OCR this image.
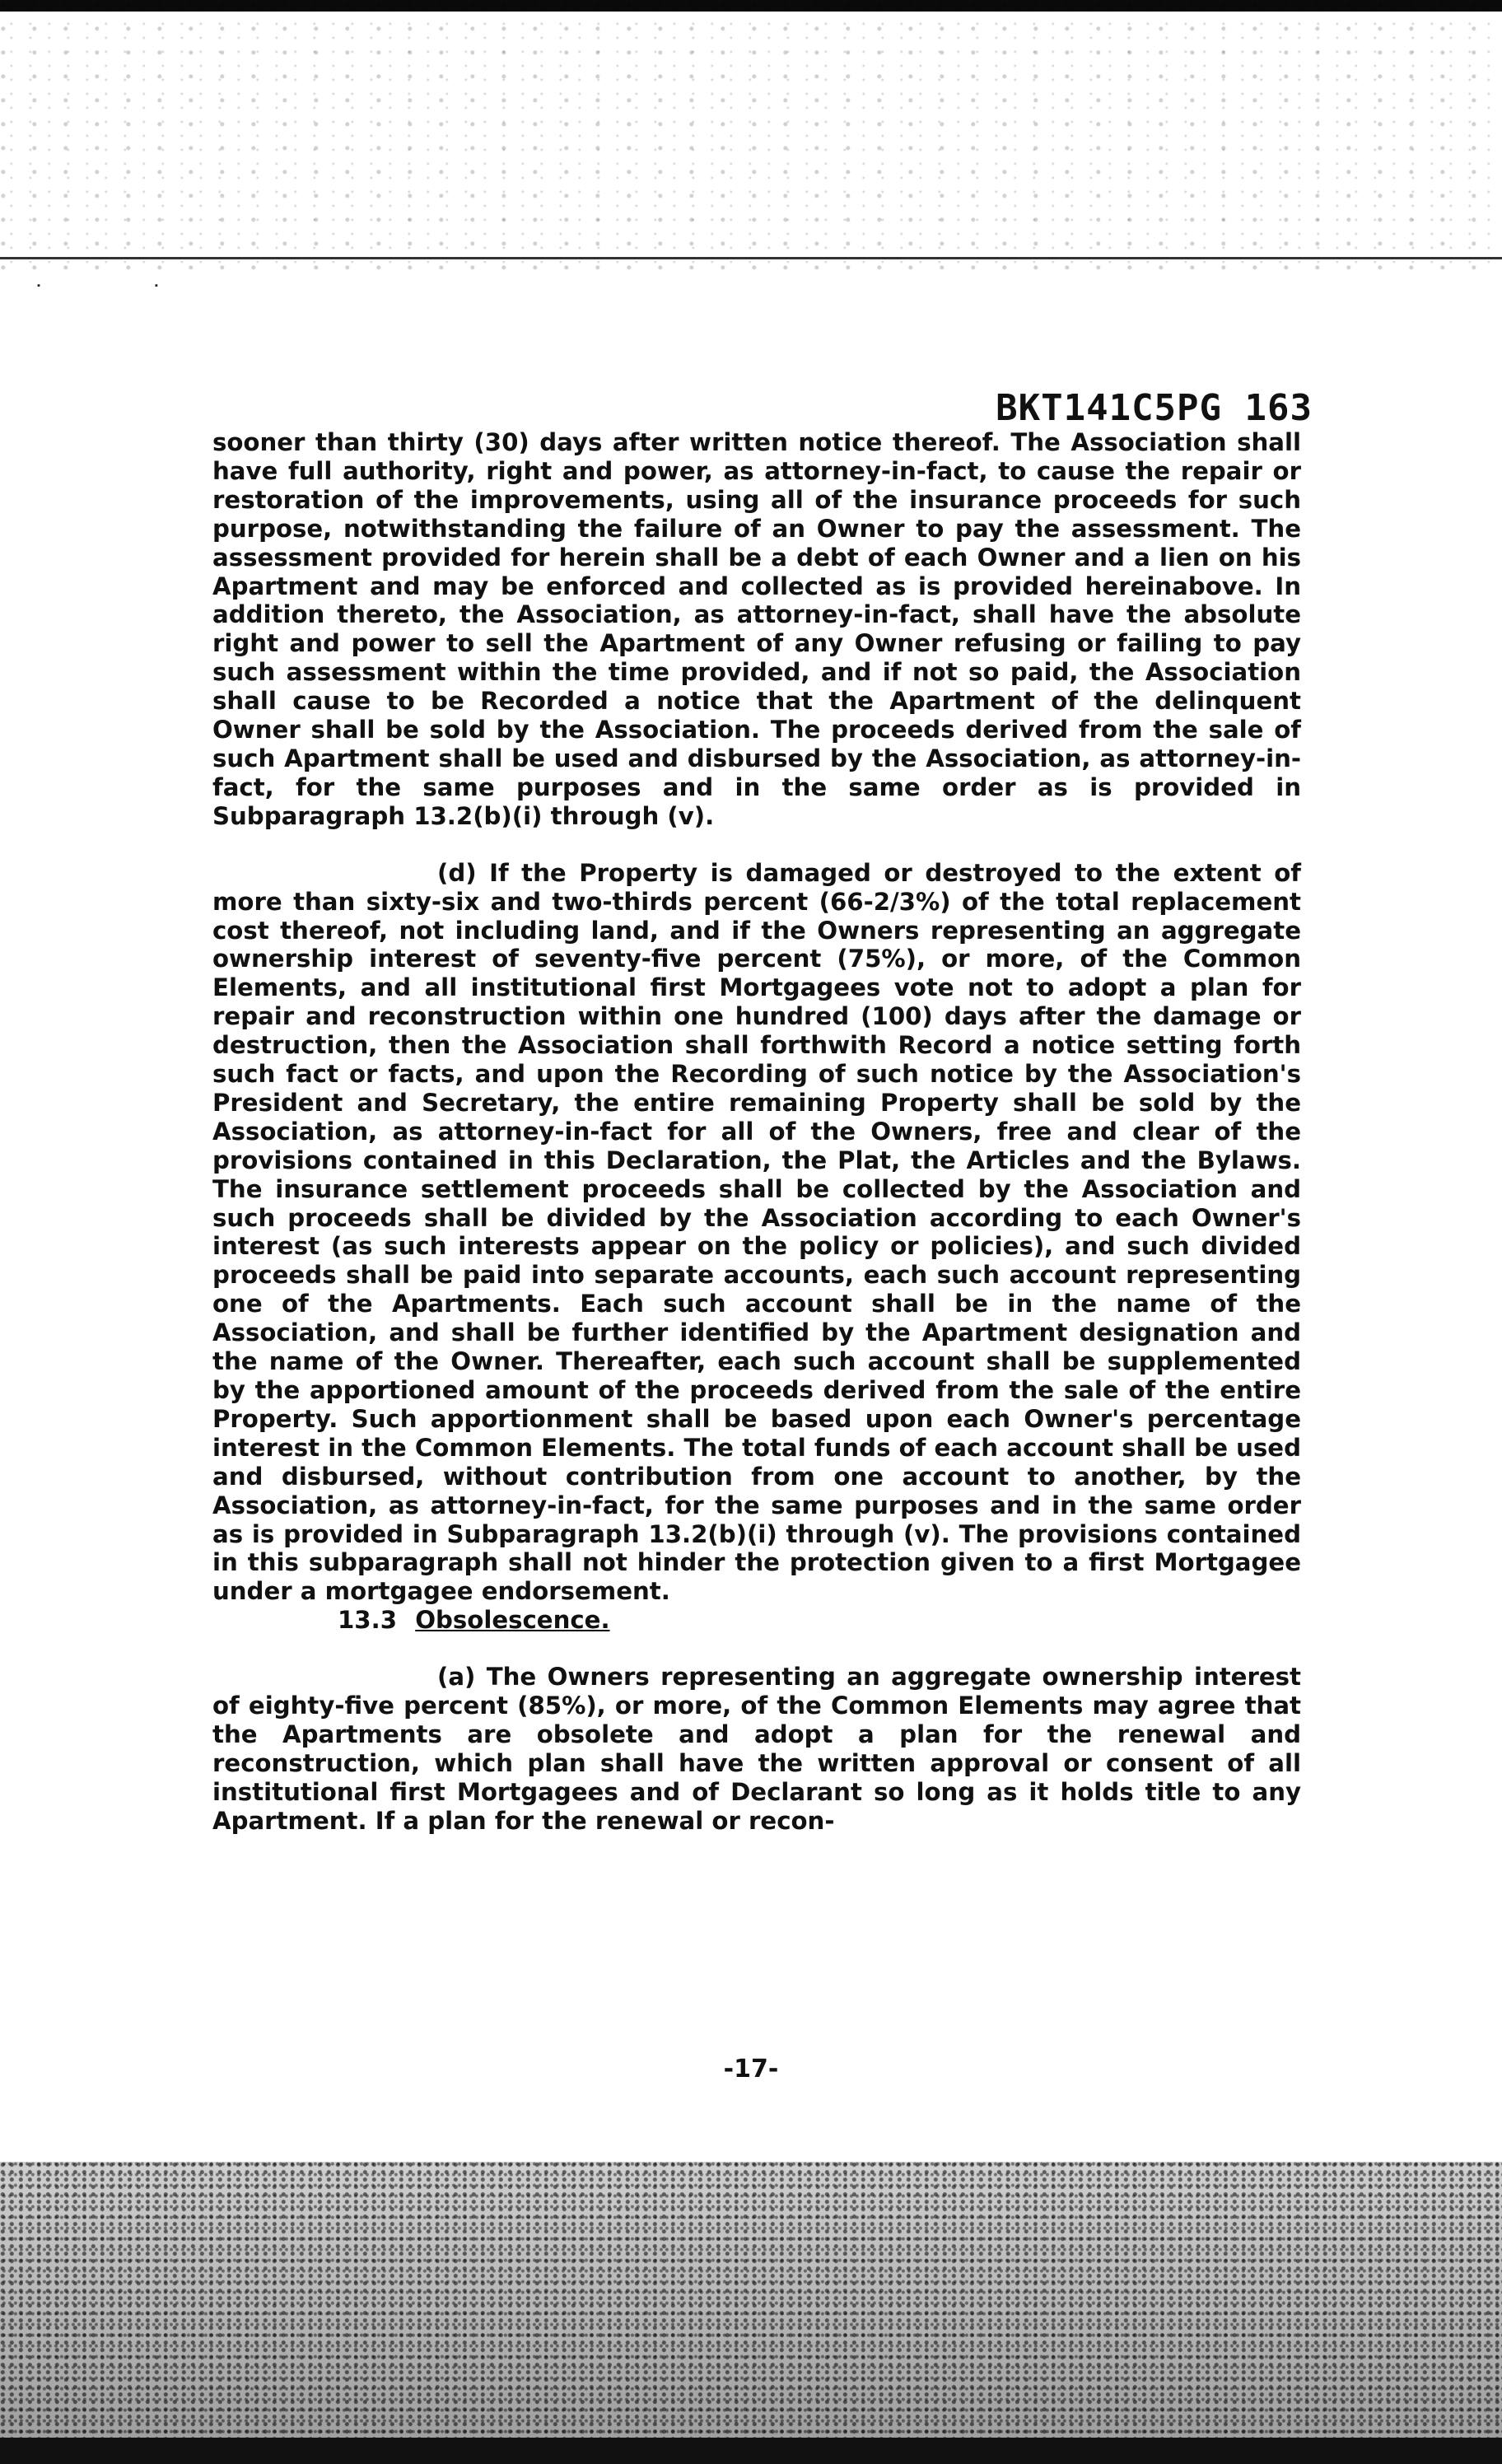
˙ ˙
BKT141C5PG 163

sooner than thirty (30) days after written notice thereof. The Association shall have full authority, right and power, as attorney-in-fact, to cause the repair or restoration of the improvements, using all of the insurance proceeds for such purpose, notwithstanding the failure of an Owner to pay the assessment. The assessment provided for herein shall be a debt of each Owner and a lien on his Apartment and may be enforced and collected as is provided hereinabove. In addition thereto, the Association, as attorney-in-fact, shall have the absolute right and power to sell the Apartment of any Owner refusing or failing to pay such assessment within the time provided, and if not so paid, the Association shall cause to be Recorded a notice that the Apartment of the delinquent Owner shall be sold by the Association. The proceeds derived from the sale of such Apartment shall be used and disbursed by the Association, as attorney-in-fact, for the same purposes and in the same order as is provided in Subparagraph 13.2(b)(i) through (v).

(d) If the Property is damaged or destroyed to the extent of more than sixty-six and two-thirds percent (66-2/3%) of the total replacement cost thereof, not including land, and if the Owners representing an aggregate ownership interest of seventy-five percent (75%), or more, of the Common Elements, and all institutional first Mortgagees vote not to adopt a plan for repair and reconstruction within one hundred (100) days after the damage or destruction, then the Association shall forthwith Record a notice setting forth such fact or facts, and upon the Recording of such notice by the Association's President and Secretary, the entire remaining Property shall be sold by the Association, as attorney-in-fact for all of the Owners, free and clear of the provisions contained in this Declaration, the Plat, the Articles and the Bylaws. The insurance settlement proceeds shall be collected by the Association and such proceeds shall be divided by the Association according to each Owner's interest (as such interests appear on the policy or policies), and such divided proceeds shall be paid into separate accounts, each such account representing one of the Apartments. Each such account shall be in the name of the Association, and shall be further identified by the Apartment designation and the name of the Owner. Thereafter, each such account shall be supplemented by the apportioned amount of the proceeds derived from the sale of the entire Property. Such apportionment shall be based upon each Owner's percentage interest in the Common Elements. The total funds of each account shall be used and disbursed, without contribution from one account to another, by the Association, as attorney-in-fact, for the same purposes and in the same order as is provided in Subparagraph 13.2(b)(i) through (v). The provisions contained in this subparagraph shall not hinder the protection given to a first Mortgagee under a mortgagee endorsement.

13.3 Obsolescence.

(a) The Owners representing an aggregate ownership interest of eighty-five percent (85%), or more, of the Common Elements may agree that the Apartments are obsolete and adopt a plan for the renewal and reconstruction, which plan shall have the written approval or consent of all institutional first Mortgagees and of Declarant so long as it holds title to any Apartment. If a plan for the renewal or recon-

-17-
